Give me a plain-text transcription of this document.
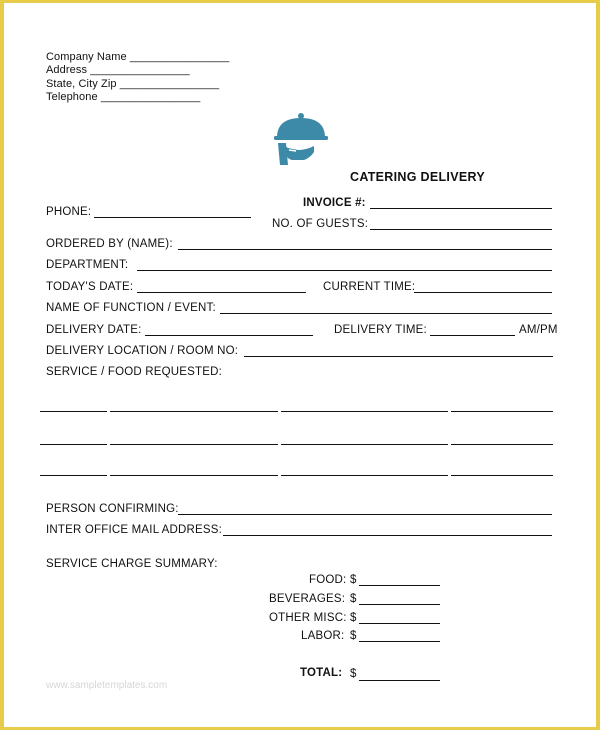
Company Name ________________
Address ________________
State, City Zip ________________
Telephone ________________
CATERING DELIVERY
INVOICE #:
PHONE:
NO. OF GUESTS:
ORDERED BY (NAME):
DEPARTMENT:
TODAY'S DATE:	CURRENT TIME:
NAME OF FUNCTION / EVENT:
DELIVERY DATE:	DELIVERY TIME:	AM/PM
DELIVERY LOCATION / ROOM NO:
SERVICE / FOOD REQUESTED:
PERSON CONFIRMING:
INTER OFFICE MAIL ADDRESS:
SERVICE CHARGE SUMMARY:
FOOD: $
BEVERAGES: $
OTHER MISC: $
LABOR: $
TOTAL: $
www.sampletemplates.com
